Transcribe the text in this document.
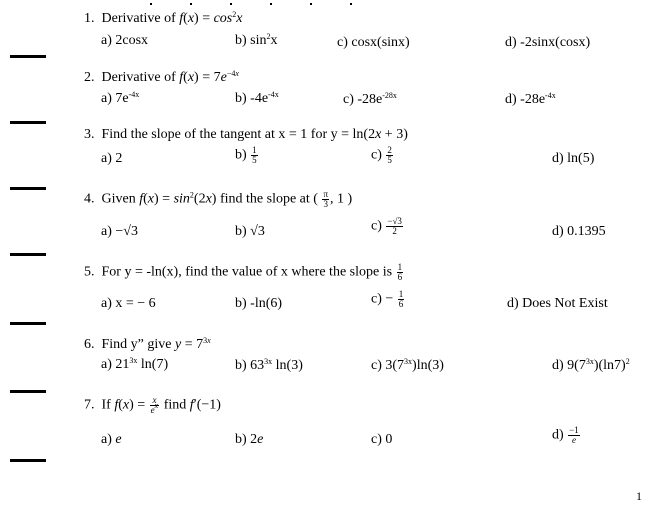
1.  Derivative of $f(x) = \cos^2x$
a) 2cosx	b) $\sin^2x$	c) cosx(sinx)	d) -2sinx(cosx)
2.  Derivative of $f(x) = 7e^{-4x}$
a) $7e^{-4x}$	b) $-4e^{-4x}$	c) $-28e^{-28x}$	d) $-28e^{-4x}$
3.  Find the slope of the tangent at x = 1 for y = ln(2x + 3)
a) 2	$b) \frac{1}{5}$	$c) \frac{2}{5}$	d) ln(5)
4.  Given $f(x) = \sin^2(2x)$ find the slope at ( $\frac{\pi}{3}$ , 1 )
a) −√3	b) √3	$c) \frac{-√3}{2}$	d) 0.1395
5.  For y = -ln(x), find the value of x where the slope is $\frac{1}{6}$
a) x = − 6	b) -ln(6)	$c) - \frac{1}{6}$	d) Does Not Exist
6.  Find y” give $y = 7^{3x}$
a) $21^{3x}$ ln(7)	b) $63^{3x}$ ln(3)	c) $3(7^{3x})\ln(3)$	d) $9(7^{3x})(\ln 7)^2$
7.  If $f(x) = \frac{x}{e^x}$ find f′(−1)
a) e	b) 2e	c) 0	$d) \frac{-1}{e}$
1
